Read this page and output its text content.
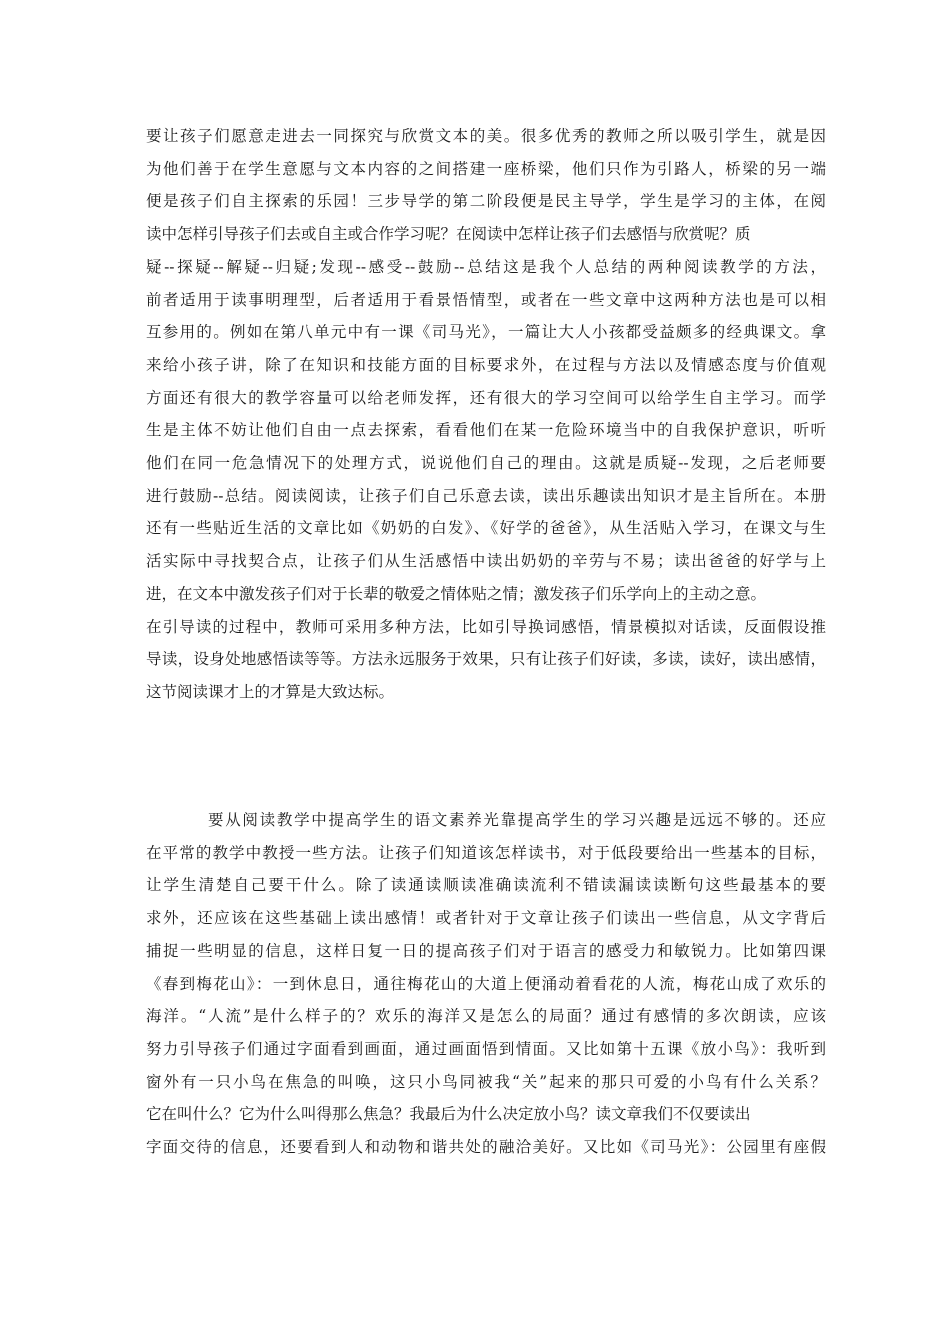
要让孩子们愿意走进去一同探究与欣赏文本的美。很多优秀的教师之所以吸引学生，就是因
为他们善于在学生意愿与文本内容的之间搭建一座桥梁，他们只作为引路人，桥梁的另一端
便是孩子们自主探索的乐园！三步导学的第二阶段便是民主导学，学生是学习的主体，在阅
读中怎样引导孩子们去或自主或合作学习呢？在阅读中怎样让孩子们去感悟与欣赏呢？质
疑--探疑--解疑--归疑;发现--感受--鼓励--总结这是我个人总结的两种阅读教学的方法，
前者适用于读事明理型，后者适用于看景悟情型，或者在一些文章中这两种方法也是可以相
互参用的。例如在第八单元中有一课《司马光》，一篇让大人小孩都受益颇多的经典课文。拿
来给小孩子讲，除了在知识和技能方面的目标要求外，在过程与方法以及情感态度与价值观
方面还有很大的教学容量可以给老师发挥，还有很大的学习空间可以给学生自主学习。而学
生是主体不妨让他们自由一点去探索，看看他们在某一危险环境当中的自我保护意识，听听
他们在同一危急情况下的处理方式，说说他们自己的理由。这就是质疑--发现，之后老师要
进行鼓励--总结。阅读阅读，让孩子们自己乐意去读，读出乐趣读出知识才是主旨所在。本册
还有一些贴近生活的文章比如《奶奶的白发》、《好学的爸爸》，从生活贴入学习，在课文与生
活实际中寻找契合点，让孩子们从生活感悟中读出奶奶的辛劳与不易；读出爸爸的好学与上
进，在文本中激发孩子们对于长辈的敬爱之情体贴之情；激发孩子们乐学向上的主动之意。
在引导读的过程中，教师可采用多种方法，比如引导换词感悟，情景模拟对话读，反面假设推
导读，设身处地感悟读等等。方法永远服务于效果，只有让孩子们好读，多读，读好，读出感情，
这节阅读课才上的才算是大致达标。
要从阅读教学中提高学生的语文素养光靠提高学生的学习兴趣是远远不够的。还应
在平常的教学中教授一些方法。让孩子们知道该怎样读书，对于低段要给出一些基本的目标，
让学生清楚自己要干什么。除了读通读顺读准确读流利不错读漏读读断句这些最基本的要
求外，还应该在这些基础上读出感情！或者针对于文章让孩子们读出一些信息，从文字背后
捕捉一些明显的信息，这样日复一日的提高孩子们对于语言的感受力和敏锐力。比如第四课
《春到梅花山》：一到休息日，通往梅花山的大道上便涌动着看花的人流，梅花山成了欢乐的
海洋。“人流”是什么样子的？欢乐的海洋又是怎么的局面？通过有感情的多次朗读，应该
努力引导孩子们通过字面看到画面，通过画面悟到情面。又比如第十五课《放小鸟》：我听到
窗外有一只小鸟在焦急的叫唤，这只小鸟同被我“关”起来的那只可爱的小鸟有什么关系？
它在叫什么？它为什么叫得那么焦急？我最后为什么决定放小鸟？读文章我们不仅要读出
字面交待的信息，还要看到人和动物和谐共处的融洽美好。又比如《司马光》：公园里有座假
